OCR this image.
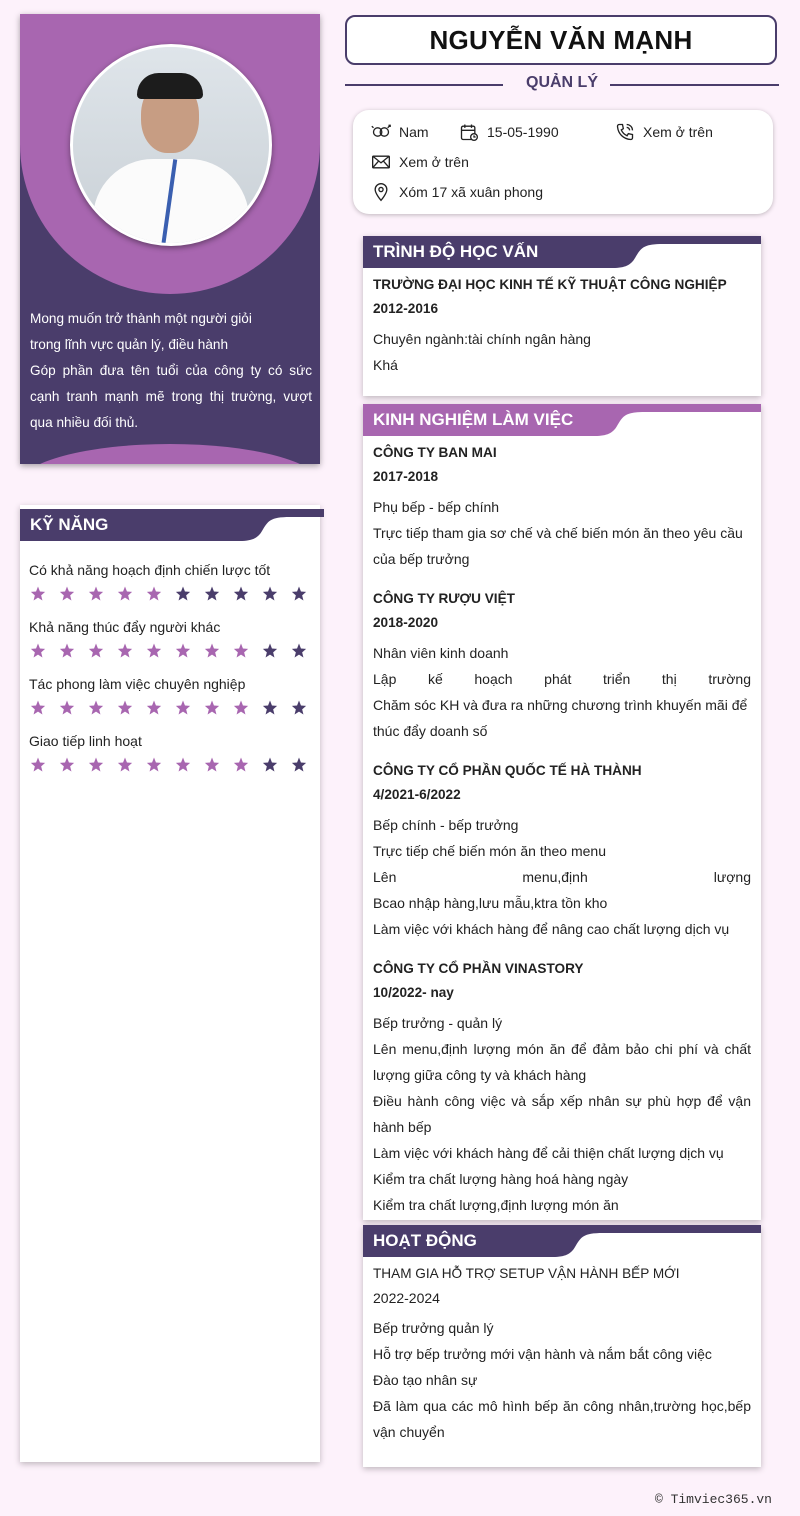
Mong muốn trở thành một người giỏi
trong lĩnh vực quản lý, điều hành
Góp phần đưa tên tuổi của công ty có sức
cạnh tranh mạnh mẽ trong thị trường, vượt
qua nhiều đối thủ.
NGUYỄN VĂN MẠNH
QUẢN LÝ
Nam	15-05-1990	Xem ở trên
Xem ở trên
Xóm 17 xã xuân phong
KỸ NĂNG
Có khả năng hoạch định chiến lược tốt
Khả năng thúc đẩy người khác
Tác phong làm việc chuyên nghiệp
Giao tiếp linh hoạt
TRÌNH ĐỘ HỌC VẤN
TRƯỜNG ĐẠI HỌC KINH TẾ KỸ THUẬT CÔNG NGHIỆP
2012-2016
Chuyên ngành:tài chính ngân hàng
Khá
KINH NGHIỆM LÀM VIỆC
CÔNG TY BAN MAI
2017-2018
Phụ bếp - bếp chính
Trực tiếp tham gia sơ chế và chế biến món ăn theo yêu cầu
của bếp trưởng
CÔNG TY RƯỢU VIỆT
2018-2020
Nhân viên kinh doanh
Lập kế hoạch phát triển thị trường
Chăm sóc KH và đưa ra những chương trình khuyến mãi để
thúc đẩy doanh số
CÔNG TY CỔ PHẦN QUỐC TẾ HÀ THÀNH
4/2021-6/2022
Bếp chính - bếp trưởng
Trực tiếp chế biến món ăn theo menu
Lên menu,định lượng
Bcao nhập hàng,lưu mẫu,ktra tồn kho
Làm việc với khách hàng để nâng cao chất lượng dịch vụ
CÔNG TY CỔ PHẦN VINASTORY
10/2022- nay
Bếp trưởng - quản lý
Lên menu,định lượng món ăn để đảm bảo chi phí và chất
lượng giữa công ty và khách hàng
Điều hành công việc và sắp xếp nhân sự phù hợp để vận
hành bếp
Làm việc với khách hàng để cải thiện chất lượng dịch vụ
Kiểm tra chất lượng hàng hoá hàng ngày
Kiểm tra chất lượng,định lượng món ăn
HOẠT ĐỘNG
THAM GIA HỖ TRỢ SETUP VẬN HÀNH BẾP MỚI
2022-2024
Bếp trưởng quản lý
Hỗ trợ bếp trưởng mới vận hành và nắm bắt công việc
Đào tạo nhân sự
Đã làm qua các mô hình bếp ăn công nhân,trường học,bếp
vận chuyển
© Timviec365.vn
